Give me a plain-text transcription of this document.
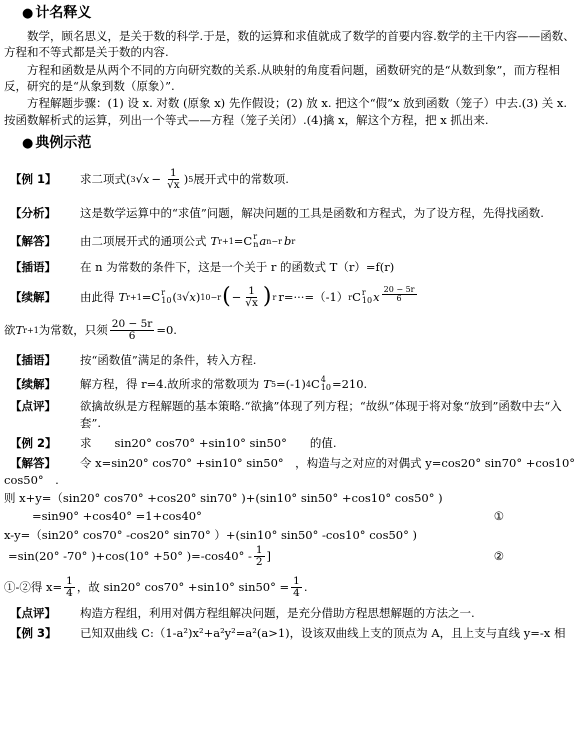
● 计名释义

数学，顾名思义，是关于数的科学.于是，数的运算和求值就成了数学的首要内容.数学的主干内容——函数、方程和不等式都是关于数的内容.

方程和函数是从两个不同的方向研究数的关系.从映射的角度看问题，函数研究的是“从数到象”，而方程相反，研究的是“从象到数（原象）”.

方程解题步骤：(1) 设 x. 对数 (原象 x) 先作假设；(2) 放 x. 把这个“假”x 放到函数（笼子）中去.(3) 关 x. 按函数解析式的运算，列出一个等式——方程（笼子关闭）.(4)擒 x，解这个方程，把 x 抓出来.

● 典例示范
【例 1】	求二项式 ( 3 √ $x - \frac{1}{√x}$ ) 5 展开式中的常数项.
【分析】	这是数学运算中的“求值”问题，解决问题的工具是函数和方程式，为了设方程，先得找函数.
【解答】	由二项展开式的通项公式 T r+1 =C r
n a n−r b r
【插语】	在 n 为常数的条件下，这是一个关于 r 的函数式 T（r）=f(r)
【续解】	由此得 T r+1 =C r
10 ( 3 √ x ) 10−r ( − $\frac{1}{√x}$ ) r r=···=（-1） r C r
10 x $\frac{20 - 5r}{6}$
欲 T r+1 为常数，只须 $\frac{20 - 5r}{6} =0$.
【插语】	按“函数值”满足的条件，转入方程.
【续解】	解方程，得 r=4.故所求的常数项为 T 5 =(-1) 4 C 4
10 =210.
【点评】	欲擒故纵是方程解题的基本策略.“欲擒”体现了列方程；“故纵”体现于将对象“放到”函数中去“入套”.
【例 2】	求　　sin20° cos70° +sin10° sin50°　　的值.
【解答】	令 x=sin20° cos70° +sin10° sin50°　，构造与之对应的对偶式 y=cos20° sin70° +cos10°
cos50°　.
则 x+y=（sin20° cos70° +cos20° sin70° )+(sin10° sin50° +cos10° cos50° )
=sin90° +cos40° =1+cos40°	①
x-y=（sin20° cos70° -cos20° sin70° ）+(sin10° sin50° -cos10° cos50° )
=sin(20° -70° )+cos(10° +50° )$=-\cos 40^\circ - \frac{1}{2}$ ]	②
①-②得 $x= \frac{1}{4}$ ，故 sin20° cos70° +sin10° $\sin 50^\circ = \frac{1}{4}$ .
【点评】	构造方程组，利用对偶方程组解决问题，是充分借助方程思想解题的方法之一.
【例 3】	已知双曲线 C:（1-a²)x²+a²y²=a²(a>1)，设该双曲线上支的顶点为 A，且上支与直线 y=-x 相
